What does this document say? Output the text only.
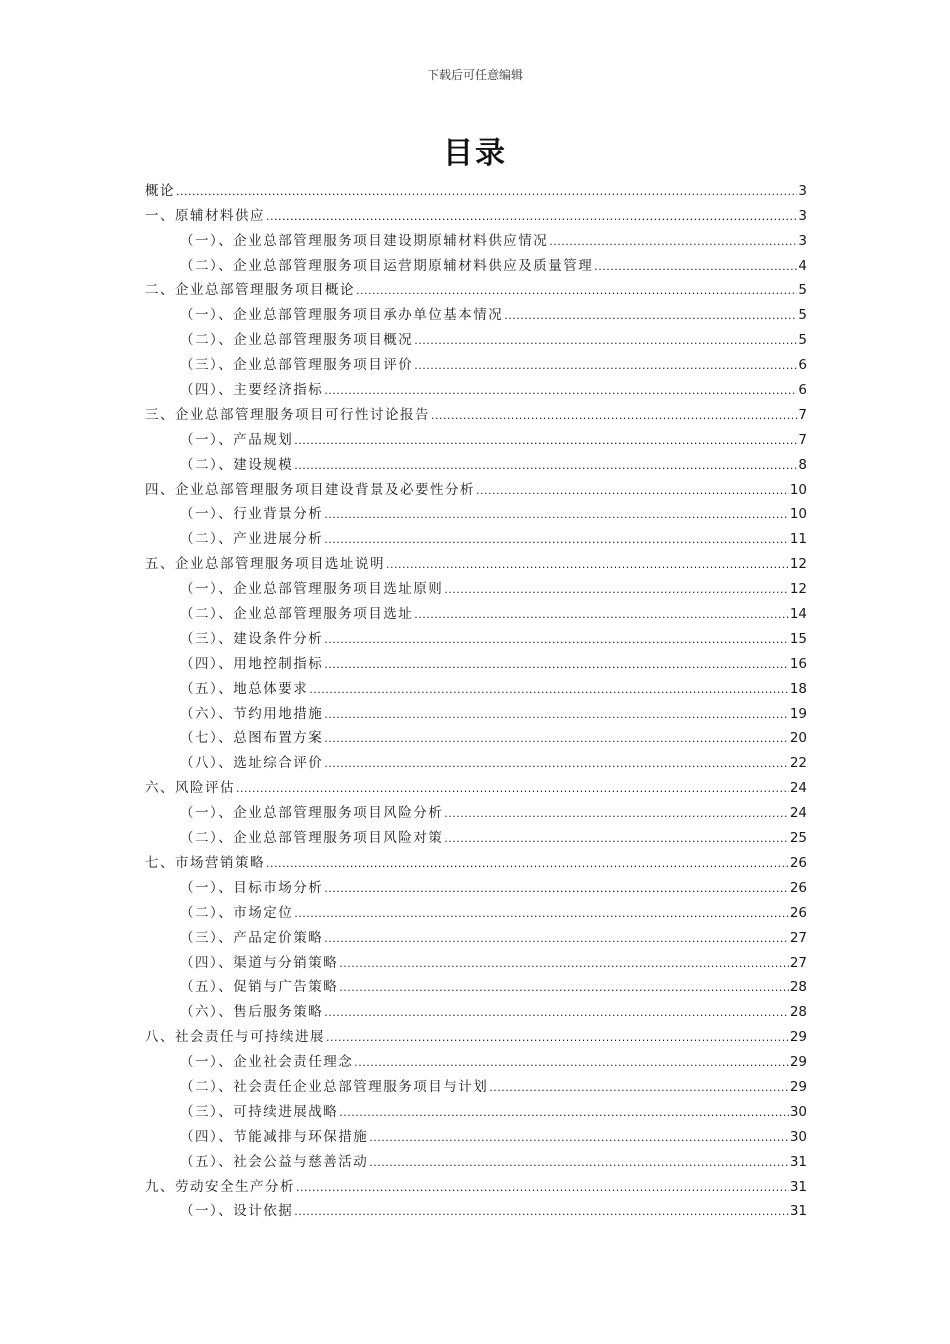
下载后可任意编辑
目录
概论 .....	3
一、原辅材料供应 .....	3
（一）、企业总部管理服务项目建设期原辅材料供应情况 .....	3
（二）、企业总部管理服务项目运营期原辅材料供应及质量管理 .....	4
二、企业总部管理服务项目概论 .....	5
（一）、企业总部管理服务项目承办单位基本情况 .....	5
（二）、企业总部管理服务项目概况 .....	5
（三）、企业总部管理服务项目评价 .....	6
（四）、主要经济指标 .....	6
三、企业总部管理服务项目可行性讨论报告 .....	7
（一）、产品规划 .....	7
（二）、建设规模 .....	8
四、企业总部管理服务项目建设背景及必要性分析 .....	10
（一）、行业背景分析 .....	10
（二）、产业进展分析 .....	11
五、企业总部管理服务项目选址说明 .....	12
（一）、企业总部管理服务项目选址原则 .....	12
（二）、企业总部管理服务项目选址 .....	14
（三）、建设条件分析 .....	15
（四）、用地控制指标 .....	16
（五）、地总体要求 .....	18
（六）、节约用地措施 .....	19
（七）、总图布置方案 .....	20
（八）、选址综合评价 .....	22
六、风险评估 .....	24
（一）、企业总部管理服务项目风险分析 .....	24
（二）、企业总部管理服务项目风险对策 .....	25
七、市场营销策略 .....	26
（一）、目标市场分析 .....	26
（二）、市场定位 .....	26
（三）、产品定价策略 .....	27
（四）、渠道与分销策略 .....	27
（五）、促销与广告策略 .....	28
（六）、售后服务策略 .....	28
八、社会责任与可持续进展 .....	29
（一）、企业社会责任理念 .....	29
（二）、社会责任企业总部管理服务项目与计划 .....	29
（三）、可持续进展战略 .....	30
（四）、节能减排与环保措施 .....	30
（五）、社会公益与慈善活动 .....	31
九、劳动安全生产分析 .....	31
（一）、设计依据 .....	31
